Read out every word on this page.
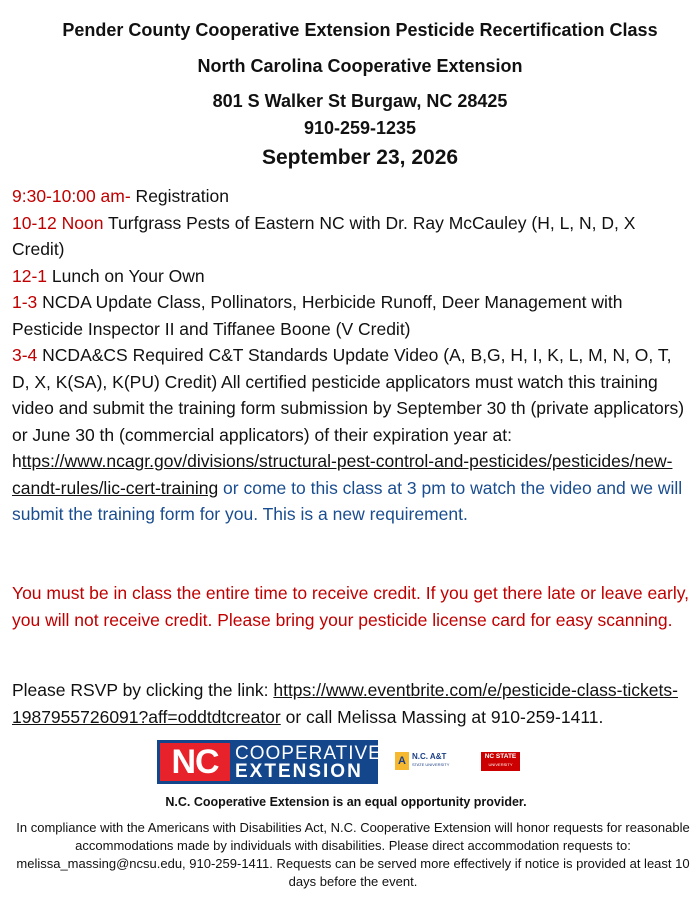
Pender County Cooperative Extension Pesticide Recertification Class
North Carolina Cooperative Extension
801 S Walker St Burgaw, NC 28425
910-259-1235
September 23, 2026

9:30-10:00 am- Registration

10-12 Noon Turfgrass Pests of Eastern NC with Dr. Ray McCauley (H, L, N, D, X Credit)

12-1 Lunch on Your Own

1-3 NCDA Update Class, Pollinators, Herbicide Runoff, Deer Management with Pesticide Inspector II and Tiffanee Boone (V Credit)

3-4 NCDA&CS Required C&T Standards Update Video (A, B,G, H, I, K, L, M, N, O, T, D, X, K(SA), K(PU) Credit) All certified pesticide applicators must watch this training video and submit the training form submission by September 30 th (private applicators) or June 30 th (commercial applicators) of their expiration year at: https://www.ncagr.gov/divisions/structural-pest-control-and-pesticides/pesticides/new-candt-rules/lic-cert-training or come to this class at 3 pm to watch the video and we will submit the training form for you. This is a new requirement.

You must be in class the entire time to receive credit. If you get there late or leave early, you will not receive credit. Please bring your pesticide license card for easy scanning.

Please RSVP by clicking the link: https://www.eventbrite.com/e/pesticide-class-tickets-1987955726091?aff=oddtdtcreator or call Melissa Massing at 910-259-1411.

NC COOPERATIVE
EXTENSION	A N.C. A&T
STATE UNIVERSITY
NC STATE
UNIVERSITY
N.C. Cooperative Extension is an equal opportunity provider.

In compliance with the Americans with Disabilities Act, N.C. Cooperative Extension will honor requests for reasonable accommodations made by individuals with disabilities. Please direct accommodation requests to: melissa_massing@ncsu.edu, 910-259-1411. Requests can be served more effectively if notice is provided at least 10 days before the event.
